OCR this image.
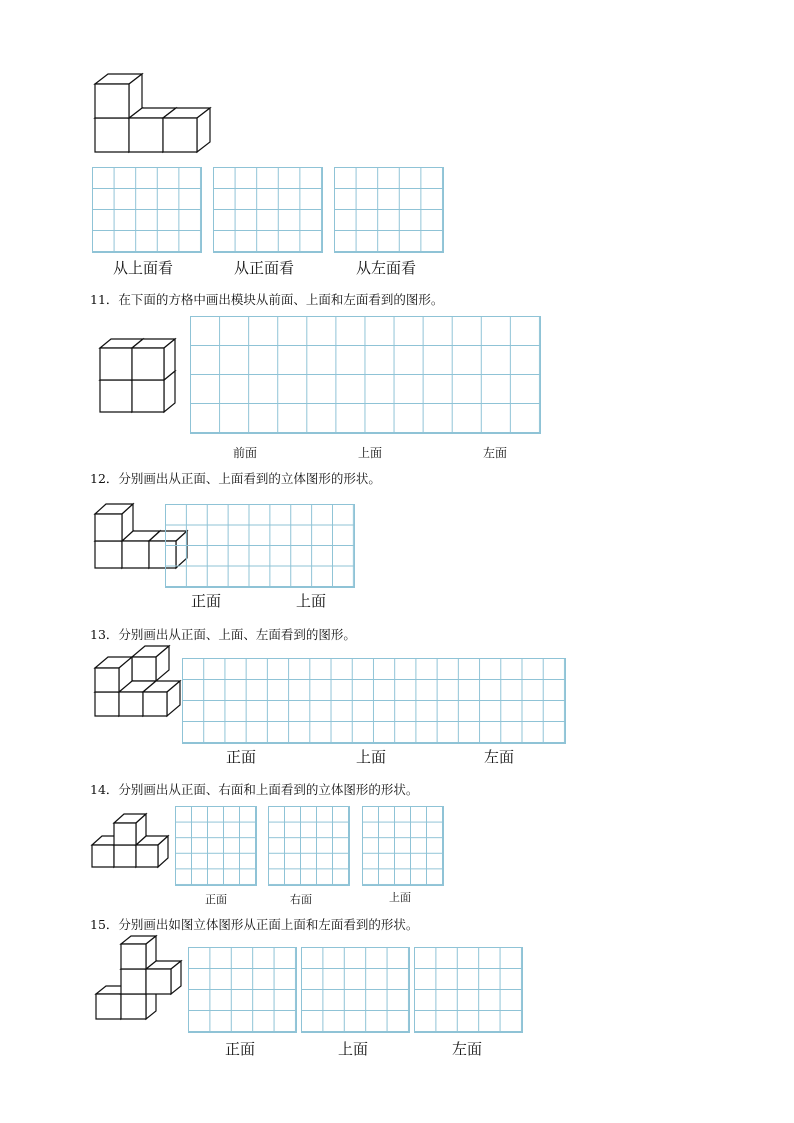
从上面看	从正面看	从左面看
11．在下面的方格中画出模块从前面、上面和左面看到的图形。
前面	上面	左面
12．分别画出从正面、上面看到的立体图形的形状。
正面	上面
13．分别画出从正面、上面、左面看到的图形。
正面	上面	左面
14．分别画出从正面、右面和上面看到的立体图形的形状。
正面	右面	上面
15．分别画出如图立体图形从正面上面和左面看到的形状。
正面	上面	左面
